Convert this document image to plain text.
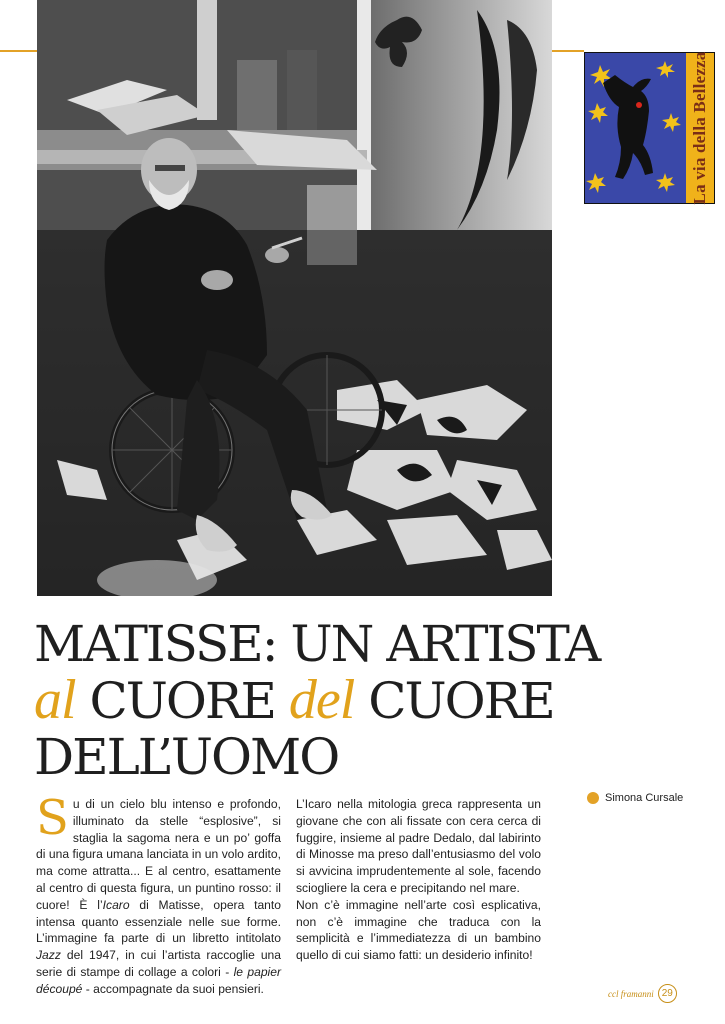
La via della Bellezza
MATISSE: UN ARTISTA
al CUORE del CUORE
DELL’UOMO
Simona Cursale

Su di un cielo blu intenso e profondo, illuminato da stelle “esplosive”, si staglia la sagoma nera e un po’ goffa di una figura umana lanciata in un volo ardito, ma come attratta... E al centro, esattamente al centro di questa figura, un puntino rosso: il cuore! È l’Icaro di Matisse, opera tanto intensa quanto essenziale nelle sue forme. L’immagine fa parte di un libretto intitolato Jazz del 1947, in cui l’artista raccoglie una serie di stampe di collage a colori - le papier découpé - accompagnate da suoi pensieri.

L’Icaro nella mitologia greca rappresenta un giovane che con ali fissate con cera cerca di fuggire, insieme al padre Dedalo, dal labirinto di Minosse ma preso dall’entusiasmo del volo si avvicina imprudentemente al sole, facendo sciogliere la cera e precipitando nel mare.

Non c’è immagine nell’arte così esplicativa, non c’è immagine che traduca con la semplicità e l’immediatezza di un bambino quello di cui siamo fatti: un desiderio infinito!

ccl framanni 29
